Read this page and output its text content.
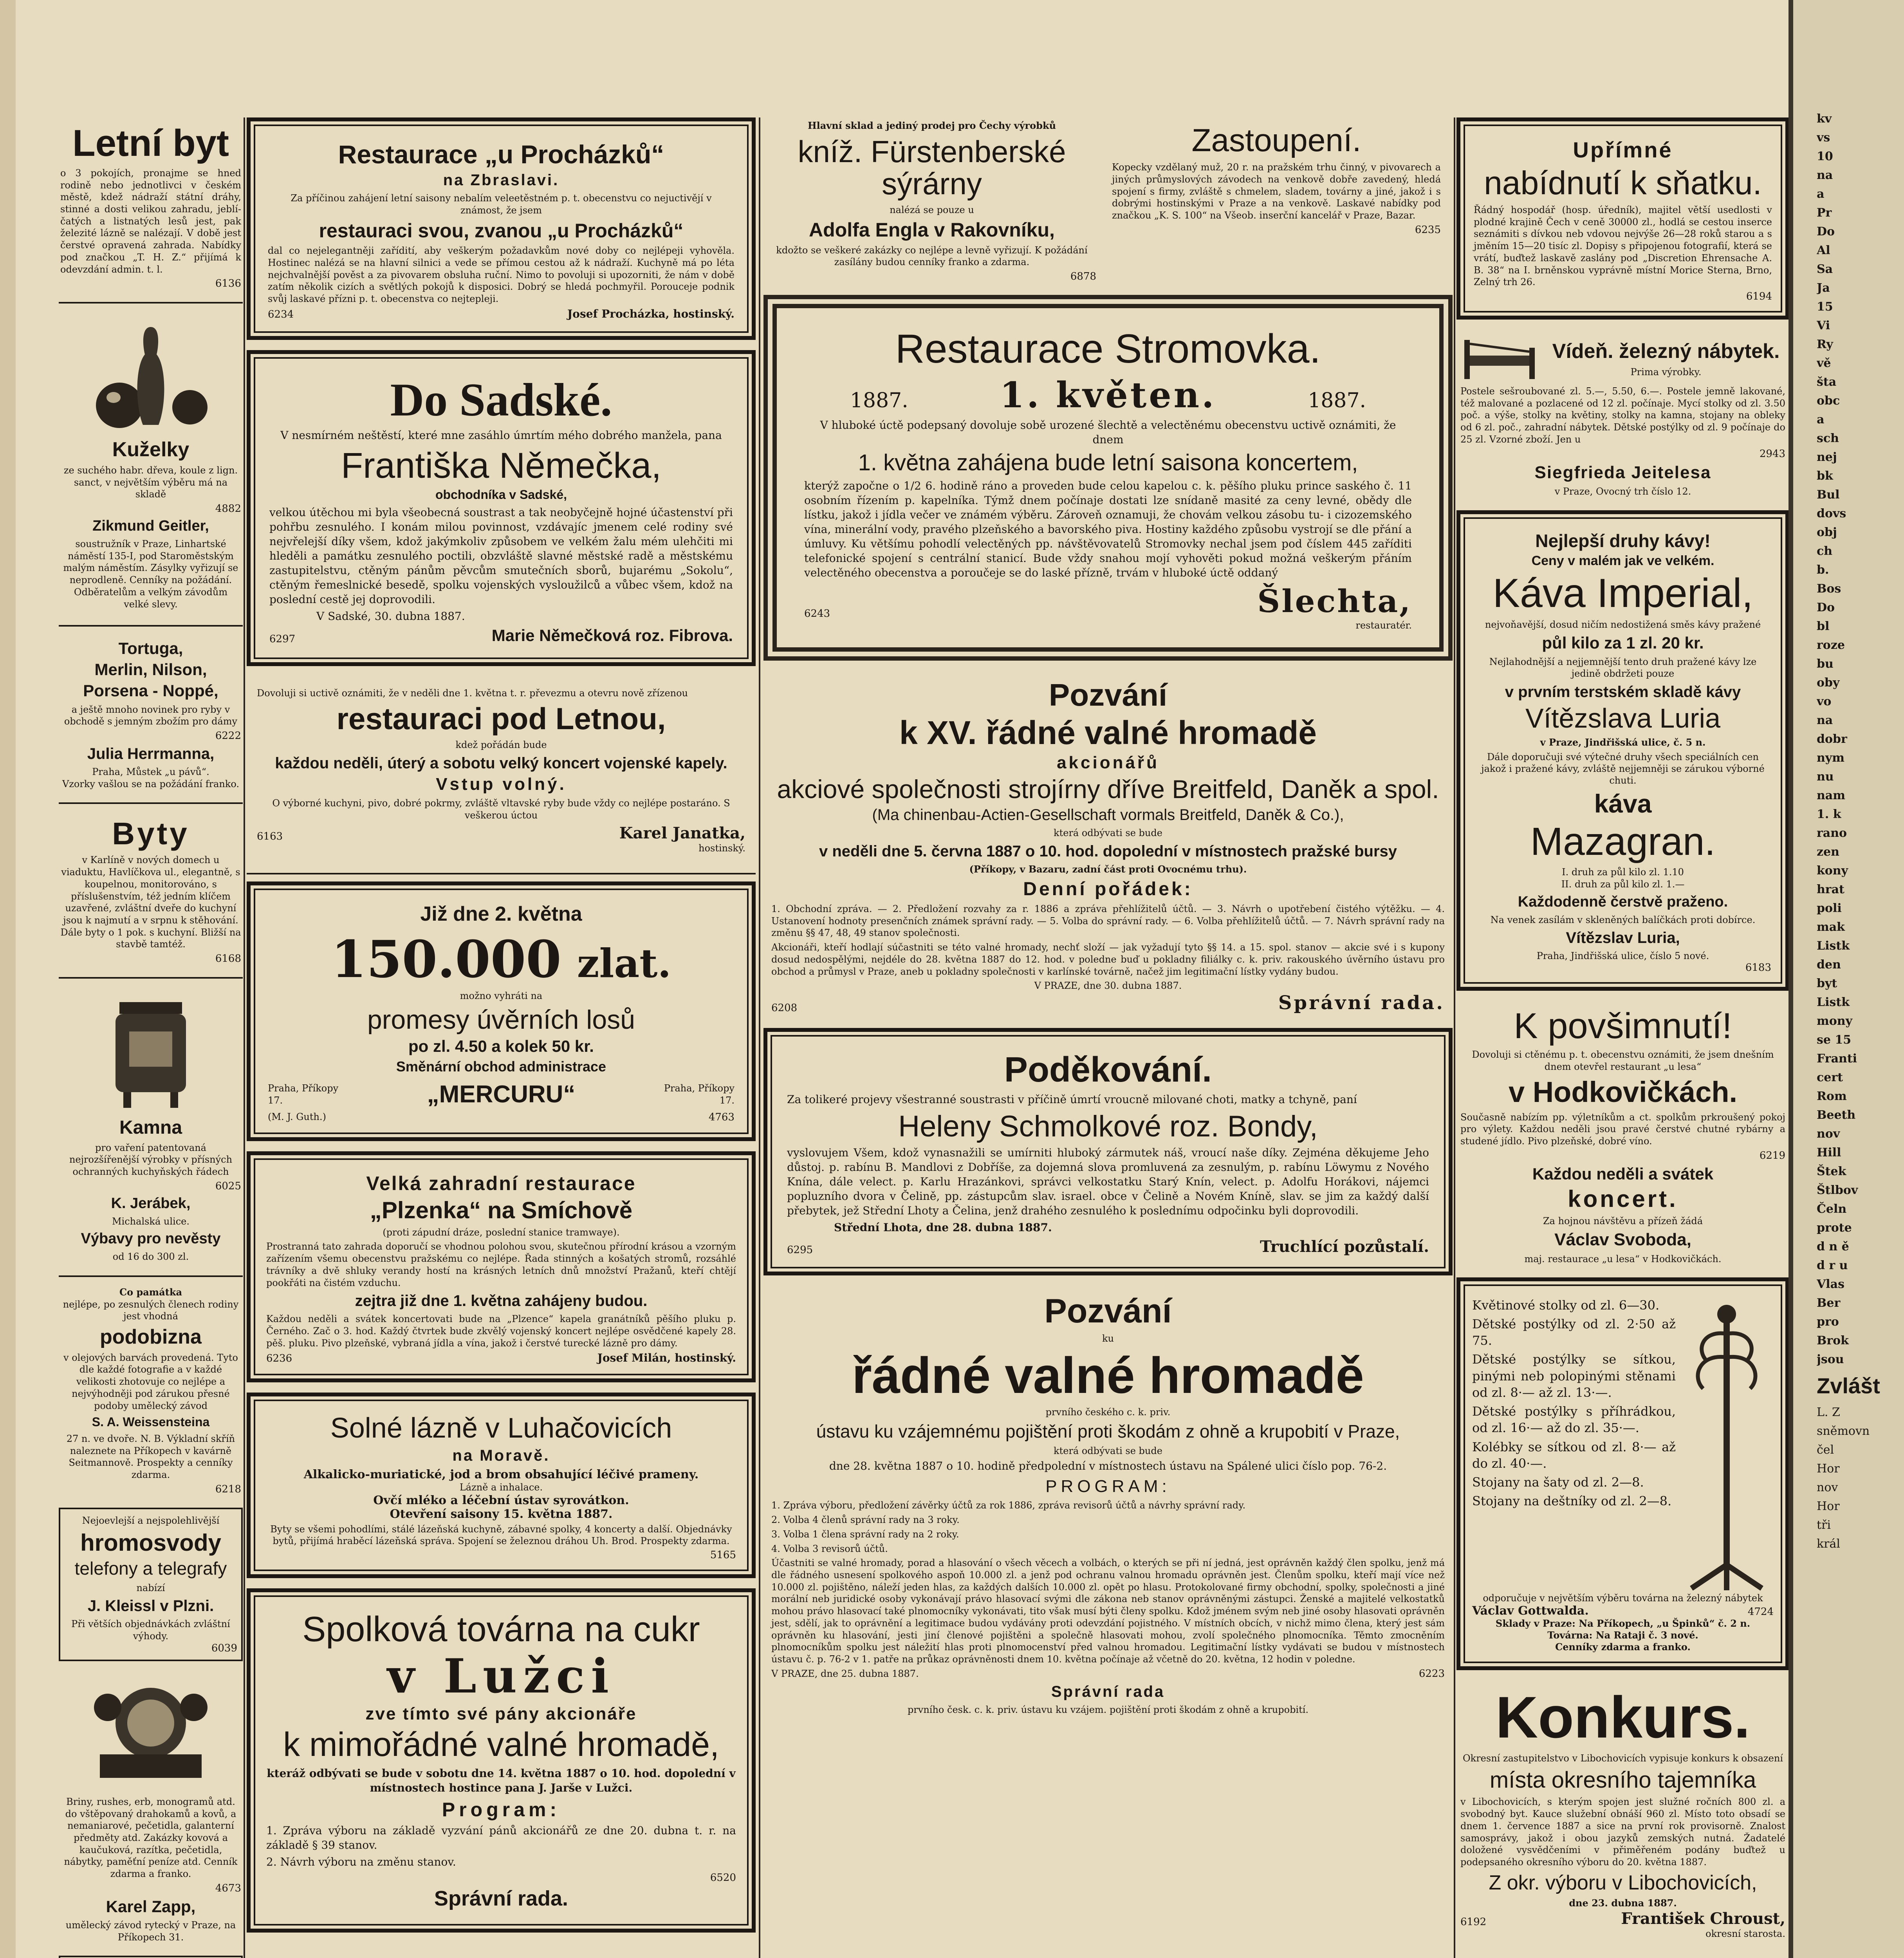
Letní byt
o 3 pokojích, pronajme se hned rodině nebo jednotlivci v českém městě, kdež nádraží státní dráhy, stinné a dosti velikou zahradu, jeblí-čatých a listnatých lesů jest, pak železité lázně se nalézají. V době jest čerstvé opravená zahrada. Nabídky pod značkou „T. H. Z.“ přijímá k odevzdání admin. t. l.
6136
Kuželky
ze suchého habr. dřeva, koule z lign. sanct, v největším výběru má na skladě
4882
Zikmund Geitler,
soustružník v Praze, Linhartské náměstí 135-I, pod Staroměstským malým náměstím. Zásylky vyřizují se neprodleně. Cenníky na požádání. Odběratelům a velkým závodům velké slevy.
Tortuga,
Merlin, Nilson,
Porsena - Noppé,
a ještě mnoho novinek pro ryby v obchodě s jemným zbožím pro dámy
6222
Julia Herrmanna,
Praha, Můstek „u pávů“.
Vzorky vašlou se na požádání franko.
Byty
v Karlíně v nových domech u viaduktu, Havlíčkova ul., elegantně, s koupelnou, monitorováno, s příslušenstvím, též jedním klíčem uzavřené, zvláštní dveře do kuchyní jsou k najmutí a v srpnu k stěhování. Dále byty o 1 pok. s kuchyní. Bližší na stavbě tamtéž.
6168
Kamna
pro vaření patentovaná nejrozšířenější výrobky v přísných ochranných kuchyňských řádech
6025
K. Jerábek,
Michalská ulice.
Výbavy pro nevěsty
od 16 do 300 zl.
Co památka
nejlépe, po zesnulých členech rodiny jest vhodná
podobizna
v olejových barvách provedená. Tyto dle každé fotografie a v každé velikosti zhotovuje co nejlépe a nejvýhodněji pod zárukou přesné podoby umělecký závod
S. A. Weissensteina
27 n. ve dvoře. N. B. Výkladní skříň naleznete na Příkopech v kavárně Seitmannově. Prospekty a cenníky zdarma.
6218
Nejoevlejší a nejspolehlivější
hromosvody
telefony a telegrafy
nabízí
J. Kleissl v Plzni.
Při větších objednávkách zvláštní výhody.
6039
Briny, rushes, erb, monogramů atd. do vštěpovaný drahokamů a kovů, a nemaniarové, pečetidla, galanterní předměty atd. Zakázky kovová a kaučuková, razítka, pečetidla, nábytky, paměťní peníze atd. Cenník zdarma a franko.
4673
Karel Zapp,
umělecký závod rytecký v Praze, na Příkopech 31.
Restaurace „u Procházků“
na Zbraslavi.
Za příčinou zahájení letní saisony nebalím veleetěstném p. t. obecenstvu co nejuctivějí v známost, že jsem
restauraci svou, zvanou „u Procházků“
dal co nejelegantněji zařídití, aby veškerým požadavkům nové doby co nejlépeji vyhověla. Hostinec nalézá se na hlavní silnici a vede se přímou cestou až k nádraží. Kuchyně má po léta nejchvalnější pověst a za pivovarem obsluha ruční. Nimo to povoluji si upozorniti, že nám v době zatím několik cizích a světlých pokojů k disposici. Dobrý se hledá pochmyřil. Porouceje podnik svůj laskavé přízni p. t. obecenstva co nejtepleji.
6234	Josef Procházka, hostinský.
Do Sadské.
V nesmírném neštěstí, které mne zasáhlo úmrtím mého dobrého manžela, pana
Františka Němečka,
obchodníka v Sadské,
velkou útěchou mi byla všeobecná soustrast a tak neobyčejně hojné účastenství při pohřbu zesnulého. I konám milou povinnost, vzdávajíc jmenem celé rodiny své nejvřelejší díky všem, kdož jakýmkoliv způsobem ve velkém žalu mém ulehčiti mi hleděli a památku zesnulého poctili, obzvláště slavné městské radě a městskému zastupitelstvu, ctěným pánům pěvcům smutečních sborů, bujarému „Sokolu“, ctěným řemeslnické besedě, spolku vojenských vysloužilců a vůbec všem, kdož na poslední cestě jej doprovodili.
V Sadské, 30. dubna 1887.
6297	Marie Němečková roz. Fibrova.
Dovoluji si uctivě oznámiti, že v neděli dne 1. května t. r. převezmu a otevru nově zřízenou
restauraci pod Letnou,
kdež pořádán bude
každou neděli, úterý a sobotu velký koncert vojenské kapely.
Vstup volný.
O výborné kuchyni, pivo, dobré pokrmy, zvláště vltavské ryby bude vždy co nejlépe postaráno. S veškerou úctou
6163	Karel Janatka,
hostinský.
Již dne 2. května
150.000 zlat.
možno vyhráti na
promesy úvěrních losů
po zl. 4.50 a kolek 50 kr.
Směnární obchod administrace
Praha, Příkopy 17.	„MERCURU“	Praha, Příkopy 17.
(M. J. Guth.)	4763
Velká zahradní restaurace
„Plzenka“ na Smíchově
(proti zápudní dráze, poslední stanice tramwaye).
Prostranná tato zahrada doporučí se vhodnou polohou svou, skutečnou přírodní krásou a vzorným zařízením všemu obecenstvu pražskému co nejlépe. Řada stinných a košatých stromů, rozsáhlé trávníky a dvě shluky verandy hostí na krásných letních dnů množství Pražanů, kteří chtějí pookřáti na čistém vzduchu.
zejtra již dne 1. května zahájeny budou.
Každou neděli a svátek koncertovati bude na „Plzence“ kapela granátníků pěšího pluku p. Černého. Zač o 3. hod. Každý čtvrtek bude zkvělý vojenský koncert nejlépe osvědčené kapely 28. pěš. pluku. Pivo plzeňské, vybraná jídla a vína, jakož i čerstvé turecké lázně pro dámy.
6236	Josef Milán, hostinský.
Solné lázně v Luhačovicích
na Moravě.
Alkalicko-muriatické, jod a brom obsahující léčivé prameny.
Lázně a inhalace.
Ovčí mléko a léčební ústav syrovátkon.
Otevření saisony 15. května 1887.
Byty se všemi pohodlími, stálé lázeňská kuchyně, zábavné spolky, 4 koncerty a další. Objednávky bytů, přijímá hraběcí lázeňská správa. Spojení se železnou dráhou Uh. Brod. Prospekty zdarma.
5165
Spolková továrna na cukr
v Lužci
zve tímto své pány akcionáře
k mimořádné valné hromadě,
kteráž odbývati se bude v sobotu dne 14. května 1887 o 10. hod. dopolední v místnostech hostince pana J. Jarše v Lužci.
Program:
1. Zpráva výboru na základě vyzvání pánů akcionářů ze dne 20. dubna t. r. na základě § 39 stanov.
2. Návrh výboru na změnu stanov.
6520
Správní rada.
Hlavní sklad a jediný prodej pro Čechy výrobků
kníž. Fürstenberské sýrárny
nalézá se pouze u
Adolfa Engla v Rakovníku,
kdožto se veškeré zakázky co nejlépe a levně vyřizují. K požádání zasílány budou cenníky franko a zdarma.
6878
Zastoupení.
Kopecky vzdělaný muž, 20 r. na pražském trhu činný, v pivovarech a jiných průmyslových závodech na venkově dobře zavedený, hledá spojení s firmy, zvláště s chmelem, sladem, továrny a jiné, jakož i s dobrými hostinskými v Praze a na venkově. Laskavé nabídky pod značkou „K. S. 100“ na Všeob. inserční kancelář v Praze, Bazar.
6235
Restaurace Stromovka.
1887.	1. květen.	1887.
V hluboké úctě podepsaný dovoluje sobě urozené šlechtě a velectěnému obecenstvu uctivě oznámiti, že dnem
1. května zahájena bude letní saisona koncertem,
kterýž započne o 1/2 6. hodině ráno a proveden bude celou kapelou c. k. pěšího pluku prince saského č. 11 osobním řízením p. kapelníka. Týmž dnem počínaje dostati lze snídaně masité za ceny levné, obědy dle lístku, jakož i jídla večer ve známém výběru. Zároveň oznamuji, že chovám velkou zásobu tu- i cizozemského vína, minerální vody, pravého plzeňského a bavorského piva. Hostiny každého způsobu vystrojí se dle přání a úmluvy. Ku většímu pohodlí velectěných pp. návštěvovatelů Stromovky nechal jsem pod číslem 445 zaříditi telefonické spojení s centrální stanicí. Bude vždy snahou mojí vyhověti pokud možná veškerým přáním velectěného obecenstva a poroučeje se do laské přízně, trvám v hluboké úctě oddaný
6243	Šlechta,
restauratér.
Pozvání
k XV. řádné valné hromadě
akcionářů
akciové společnosti strojírny dříve Breitfeld, Daněk a spol.
(Ma chinenbau-Actien-Gesellschaft vormals Breitfeld, Daněk & Co.),
která odbývati se bude
v neděli dne 5. června 1887 o 10. hod. dopolední v místnostech pražské bursy
(Příkopy, v Bazaru, zadní část proti Ovocnému trhu).
Denní pořádek:
1. Obchodní zpráva. — 2. Předložení rozvahy za r. 1886 a zpráva přehlížitelů účtů. — 3. Návrh o upotřebení čistého výtěžku. — 4. Ustanovení hodnoty presenčních známek správní rady. — 5. Volba do správní rady. — 6. Volba přehlížitelů účtů. — 7. Návrh správní rady na změnu §§ 47, 48, 49 stanov společnosti.
Akcionáři, kteří hodlají súčastniti se této valné hromady, nechť složí — jak vyžadují tyto §§ 14. a 15. spol. stanov — akcie své i s kupony dosud nedospělými, nejdéle do 28. května 1887 do 12. hod. v poledne buď u pokladny filiálky c. k. priv. rakouského úvěrního ústavu pro obchod a průmysl v Praze, aneb u pokladny společnosti v karlínské továrně, načež jim legitimační lístky vydány budou.
V PRAZE, dne 30. dubna 1887.
6208	Správní rada.
Poděkování.
Za tolikeré projevy všestranné soustrasti v příčině úmrtí vroucně milované choti, matky a tchyně, paní
Heleny Schmolkové roz. Bondy,
vyslovujem Všem, kdož vynasnažili se umírniti hluboký zármutek náš, vroucí naše díky. Zejména děkujeme Jeho důstoj. p. rabínu B. Mandlovi z Dobříše, za dojemná slova promluvená za zesnulým, p. rabínu Löwymu z Nového Knína, dále velect. p. Karlu Hrazánkovi, správci velkostatku Starý Knín, velect. p. Adolfu Horákovi, nájemci popluzního dvora v Čelině, pp. zástupcům slav. israel. obce v Čelině a Novém Kníně, slav. se jim za každý další přebytek, jež Střední Lhoty a Čelina, jenž drahého zesnulého k poslednímu odpočinku byli doprovodili.
Střední Lhota, dne 28. dubna 1887.
6295	Truchlící pozůstalí.
Pozvání
ku
řádné valné hromadě
prvního českého c. k. priv.
ústavu ku vzájemnému pojištění proti škodám z ohně a krupobití v Praze,
která odbývati se bude
dne 28. května 1887 o 10. hodině předpolední v místnostech ústavu na Spálené ulici číslo pop. 76-2.
PROGRAM:
1. Zpráva výboru, předložení závěrky účtů za rok 1886, zpráva revisorů účtů a návrhy správní rady.
2. Volba 4 členů správní rady na 3 roky.
3. Volba 1 člena správní rady na 2 roky.
4. Volba 3 revisorů účtů.
Účastniti se valné hromady, porad a hlasování o všech věcech a volbách, o kterých se při ní jedná, jest oprávněn každý člen spolku, jenž má dle řádného usnesení spolkového aspoň 10.000 zl. a jenž pod ochranu valnou hromadu oprávněn jest. Členům spolku, kteří mají více než 10.000 zl. pojištěno, náleží jeden hlas, za každých dalších 10.000 zl. opět po hlasu. Protokolované firmy obchodní, spolky, společnosti a jiné morální neb juridické osoby vykonávají právo hlasovací svými dle zákona neb stanov oprávněnými zástupci. Ženské a majitelé velkostatků mohou právo hlasovací také plnomocníky vykonávati, tito však musí býti členy spolku. Kdož jménem svým neb jiné osoby hlasovati oprávněn jest, sdělí, jak to oprávnění a legitimace budou vydávány proti odevzdání pojistného. V místních obcích, v nichž mimo člena, který jest sám oprávněn ku hlasování, jesti jiní členové pojištěni a společně hlasovati mohou, zvolí společného plnomocníka. Těmto zmocněním plnomocníkům spolku jest náležití hlas proti plnomocenství před valnou hromadou. Legitimační lístky vydávati se budou v místnostech ústavu č. p. 76-2 v 1. patře na průkaz oprávněnosti dnem 10. května počínaje až včetně do 20. května, 12 hodin v poledne.
V PRAZE, dne 25. dubna 1887.	6223
Správní rada
prvního česk. c. k. priv. ústavu ku vzájem. pojištění proti škodám z ohně a krupobití.
Upřímné
nabídnutí k sňatku.
Řádný hospodář (hosp. úředník), majitel větší usedlosti v plodné krajině Čech v ceně 30000 zl., hodlá se cestou inserce seznámiti s dívkou neb vdovou nejvýše 26—28 roků starou a s jměním 15—20 tisíc zl. Dopisy s připojenou fotografií, která se vrátí, buďtež laskavě zaslány pod „Discretion Ehrensache A. B. 38“ na I. brněnskou vyprávně místní Morice Sterna, Brno, Zelný trh 26.
6194
Vídeň. železný nábytek.
Prima výrobky.
Postele sešroubované zl. 5.—, 5.50, 6.—. Postele jemně lakované, též malované a pozlacené od 12 zl. počínaje. Mycí stolky od zl. 3.50 poč. a výše, stolky na květiny, stolky na kamna, stojany na obleky od 6 zl. poč., zahradní nábytek. Dětské postýlky od zl. 9 počínaje do 25 zl. Vzorné zboží. Jen u
2943
Siegfrieda Jeitelesa
v Praze, Ovocný trh číslo 12.
Nejlepší druhy kávy!
Ceny v malém jak ve velkém.
Káva Imperial,
nejvoňavější, dosud ničím nedostižená směs kávy pražené
půl kilo za 1 zl. 20 kr.
Nejlahodnější a nejjemnější tento druh pražené kávy lze jedině obdržeti pouze
v prvním terstském skladě kávy
Vítězslava Luria
v Praze, Jindřišská ulice, č. 5 n.
Dále doporučuji své výtečné druhy všech speciálních cen jakož i pražené kávy, zvláště nejjemněji se zárukou výborné chuti.
káva
Mazagran.
I. druh za půl kilo zl. 1.10
II. druh za půl kilo zl. 1.—
Každodenně čerstvě praženo.
Na venek zasílám v skleněných balíčkách proti dobírce.
Vítězslav Luria,
Praha, Jindřišská ulice, číslo 5 nové.
6183
K povšimnutí!
Dovoluji si ctěnému p. t. obecenstvu oznámiti, že jsem dnešním dnem otevřel restaurant „u lesa“
v Hodkovičkách.
Současně nabízím pp. výletníkům a ct. spolkům prkroušený pokoj pro výlety. Každou neděli jsou pravé čerstvé chutné rybárny a studené jídlo. Pivo plzeňské, dobré víno.
6219
Každou neděli a svátek
koncert.
Za hojnou návštěvu a přízeň žádá
Václav Svoboda,
maj. restaurace „u lesa“ v Hodkovičkách.
Květinové stolky od zl. 6—30.
Dětské postýlky od zl. 2·50 až 75.
Dětské postýlky se sítkou, pinými neb polopinými stěnami od zl. 8·— až zl. 13·—.
Dětské postýlky s příhrádkou, od zl. 16·— až do zl. 35·—.
Kolébky se sítkou od zl. 8·— až do zl. 40·—.
Stojany na šaty od zl. 2—8.
Stojany na deštníky od zl. 2—8.
odporučuje v největším výběru továrna na železný nábytek
Václav Gottwalda.	4724
Sklady v Praze: Na Příkopech, „u Špinků“ č. 2 n. Továrna: Na Rataji č. 3 nové.
Cenníky zdarma a franko.
Konkurs.
Okresní zastupitelstvo v Libochovicích vypisuje konkurs k obsazení
místa okresního tajemníka
v Libochovicích, s kterým spojen jest služné ročních 800 zl. a svobodný byt. Kauce služební obnáší 960 zl. Místo toto obsadí se dnem 1. července 1887 a sice na první rok provisorně. Znalost samosprávy, jakož i obou jazyků zemských nutná. Žadatelé doložené vysvědčeními v přiměřeném podány buďtež u podepsaného okresního výboru do 20. května 1887.
Z okr. výboru v Libochovicích,
dne 23. dubna 1887.
6192	František Chroust,
okresní starosta.
kv
vs
10
na
a
Pr
Do
Al
Sa
Ja
15
Vi
Ry
vě
šta
obc
a
sch
nej
bk
Bul
dovs
obj
ch
b.
Bos
Do
bl
roze
bu
oby
vo
na
dobr
nym
nu
nam
1. k
rano
zen
kony
hrat
poli
mak
Listk
den
byt
Listk
mony
se 15
Franti
cert
Rom
Beeth
nov
Hill
Štek
Štlbov
Čeln
prote
d n ě
d r u
Vlas
Ber
pro
Brok
jsou
Zvlášt
L. Z
sněmovn
čel
Hor
nov
Hor
tři
král
